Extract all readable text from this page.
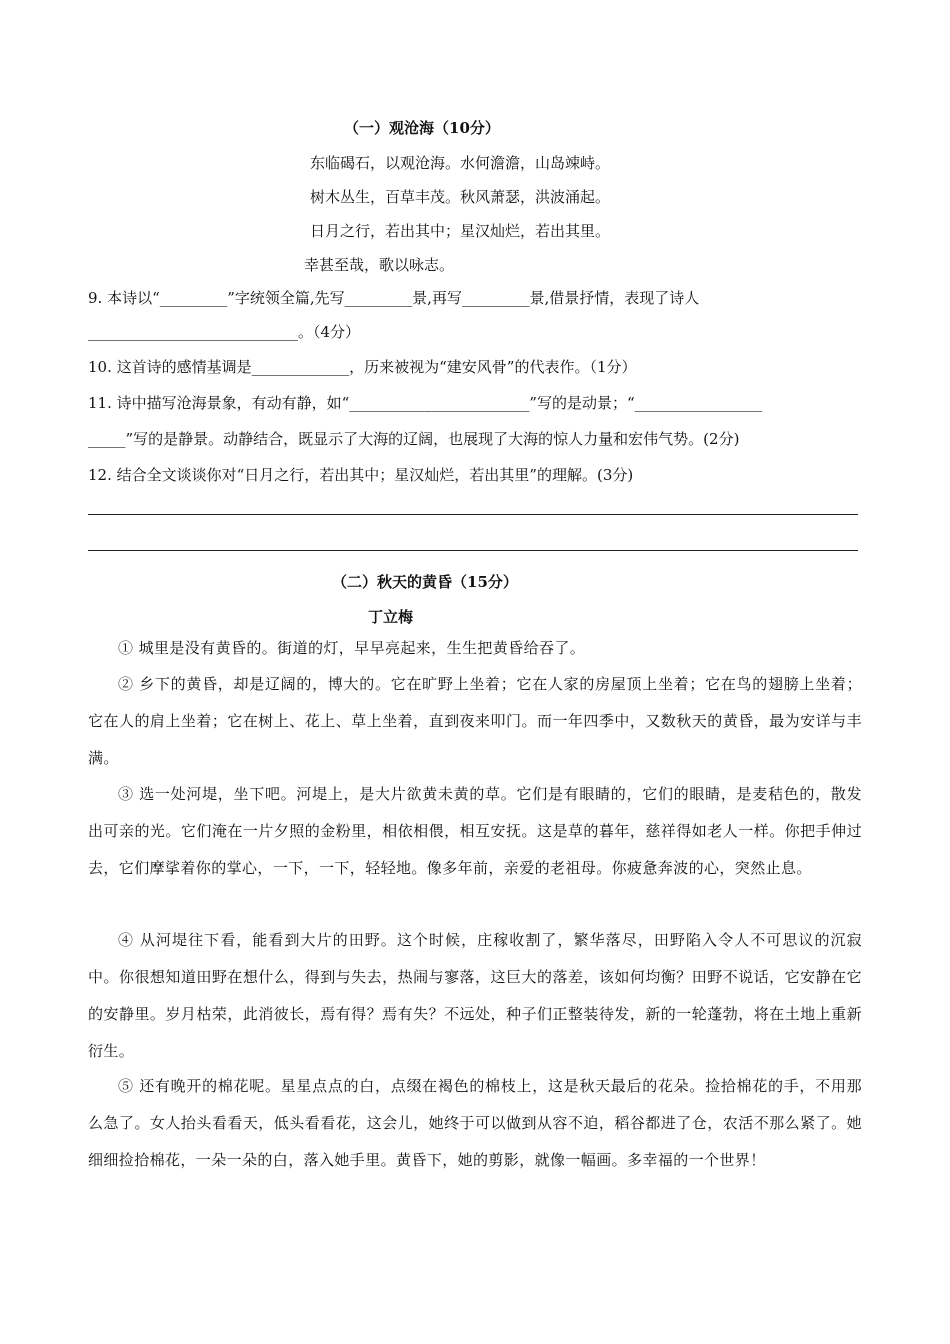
（一）观沧海（10分）
东临碣石，以观沧海。水何澹澹，山岛竦峙。
树木丛生，百草丰茂。秋风萧瑟，洪波涌起。
日月之行，若出其中；星汉灿烂，若出其里。
幸甚至哉，歌以咏志。
9. 本诗以“_________”字统领全篇,先写_________景,再写_________景,借景抒情，表现了诗人
____________________________。（4分）
10. 这首诗的感情基调是_____________，历来被视为“建安风骨”的代表作。（1分）
11. 诗中描写沧海景象，有动有静，如“________________________”写的是动景；“_________________
_____”写的是静景。动静结合，既显示了大海的辽阔，也展现了大海的惊人力量和宏伟气势。(2分)
12. 结合全文谈谈你对“日月之行，若出其中；星汉灿烂，若出其里”的理解。(3分)
（二）秋天的黄昏（15分）
丁立梅
① 城里是没有黄昏的。街道的灯，早早亮起来，生生把黄昏给吞了。
② 乡下的黄昏，却是辽阔的，博大的。它在旷野上坐着；它在人家的房屋顶上坐着；它在鸟的翅膀上坐着；它在人的肩上坐着；它在树上、花上、草上坐着，直到夜来叩门。而一年四季中，又数秋天的黄昏，最为安详与丰满。
③ 选一处河堤，坐下吧。河堤上，是大片欲黄未黄的草。它们是有眼睛的，它们的眼睛，是麦秸色的，散发出可亲的光。它们淹在一片夕照的金粉里，相依相偎，相互安抚。这是草的暮年，慈祥得如老人一样。你把手伸过去，它们摩挲着你的掌心，一下，一下，轻轻地。像多年前，亲爱的老祖母。你疲惫奔波的心，突然止息。
④ 从河堤往下看，能看到大片的田野。这个时候，庄稼收割了，繁华落尽，田野陷入令人不可思议的沉寂中。你很想知道田野在想什么，得到与失去，热闹与寥落，这巨大的落差，该如何均衡？田野不说话，它安静在它的安静里。岁月枯荣，此消彼长，焉有得？焉有失？不远处，种子们正整装待发，新的一轮蓬勃，将在土地上重新衍生。
⑤ 还有晚开的棉花呢。星星点点的白，点缀在褐色的棉枝上，这是秋天最后的花朵。捡拾棉花的手，不用那么急了。女人抬头看看天，低头看看花，这会儿，她终于可以做到从容不迫，稻谷都进了仓，农活不那么紧了。她细细捡拾棉花，一朵一朵的白，落入她手里。黄昏下，她的剪影，就像一幅画。多幸福的一个世界！
